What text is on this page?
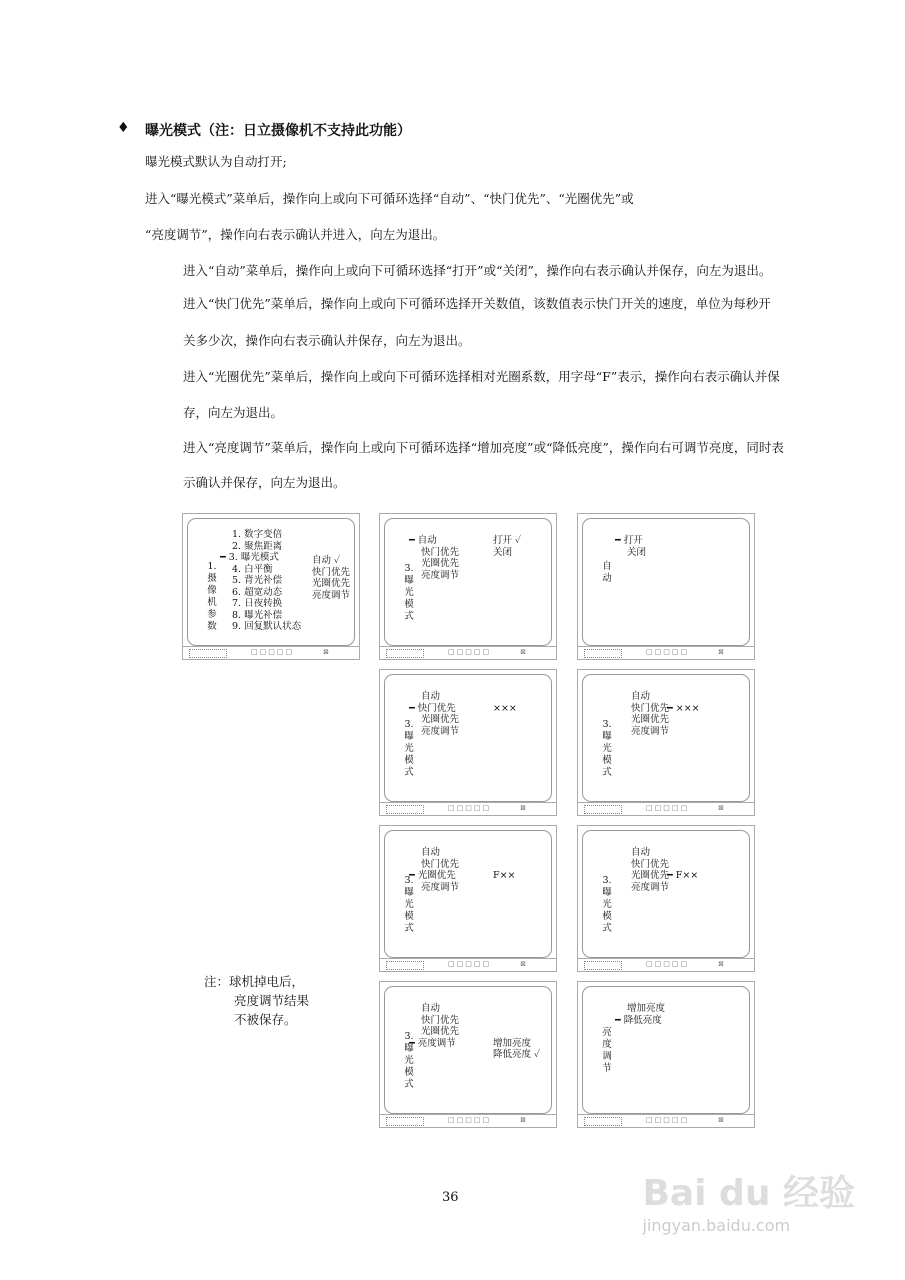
♦ 曝光模式（注：日立摄像机不支持此功能）
曝光模式默认为自动打开;
进入“曝光模式”菜单后，操作向上或向下可循环选择“自动”、“快门优先”、“光圈优先”或
“亮度调节”，操作向右表示确认并进入，向左为退出。
进入“自动”菜单后，操作向上或向下可循环选择“打开”或“关闭”，操作向右表示确认并保存，向左为退出。
进入“快门优先”菜单后，操作向上或向下可循环选择开关数值，该数值表示快门开关的速度，单位为每秒开
关多少次，操作向右表示确认并保存，向左为退出。
进入“光圈优先”菜单后，操作向上或向下可循环选择相对光圈系数，用字母“F”表示，操作向右表示确认并保
存，向左为退出。
进入“亮度调节”菜单后，操作向上或向下可循环选择“增加亮度”或“降低亮度”，操作向右可调节亮度，同时表
示确认并保存，向左为退出。
1.摄像机参数
1. 数字变倍
2. 聚焦距离
━ 3. 曝光模式
4. 白平衡
5. 背光补偿
6. 超宽动态
7. 日夜转换
8. 曝光补偿
9. 回复默认状态
自动 ✓
快门优先
光圈优先
亮度调节
□□□□□	⊠
3.曝光模式
━ 自动
快门优先
光圈优先
亮度调节
打开 ✓
关闭
□□□□□	⊠
自动
━ 打开
关闭
□□□□□	⊠
3.曝光模式
自动
━ 快门优先
光圈优先
亮度调节
×××
□□□□□	⊠
3.曝光模式
自动
快门优先
光圈优先
亮度调节
━ ×××
□□□□□	⊠
3.曝光模式
自动
快门优先
━ 光圈优先
亮度调节
F××
□□□□□	⊠
3.曝光模式
自动
快门优先
光圈优先
亮度调节
━ F××
□□□□□	⊠
3.曝光模式
自动
快门优先
光圈优先
━ 亮度调节	增加亮度
降低亮度 ✓
□□□□□	⊠
亮度调节
增加亮度
━ 降低亮度
□□□□□	⊠
注：球机掉电后，
亮度调节结果
不被保存。
36	Bai du 经验
jingyan.baidu.com
